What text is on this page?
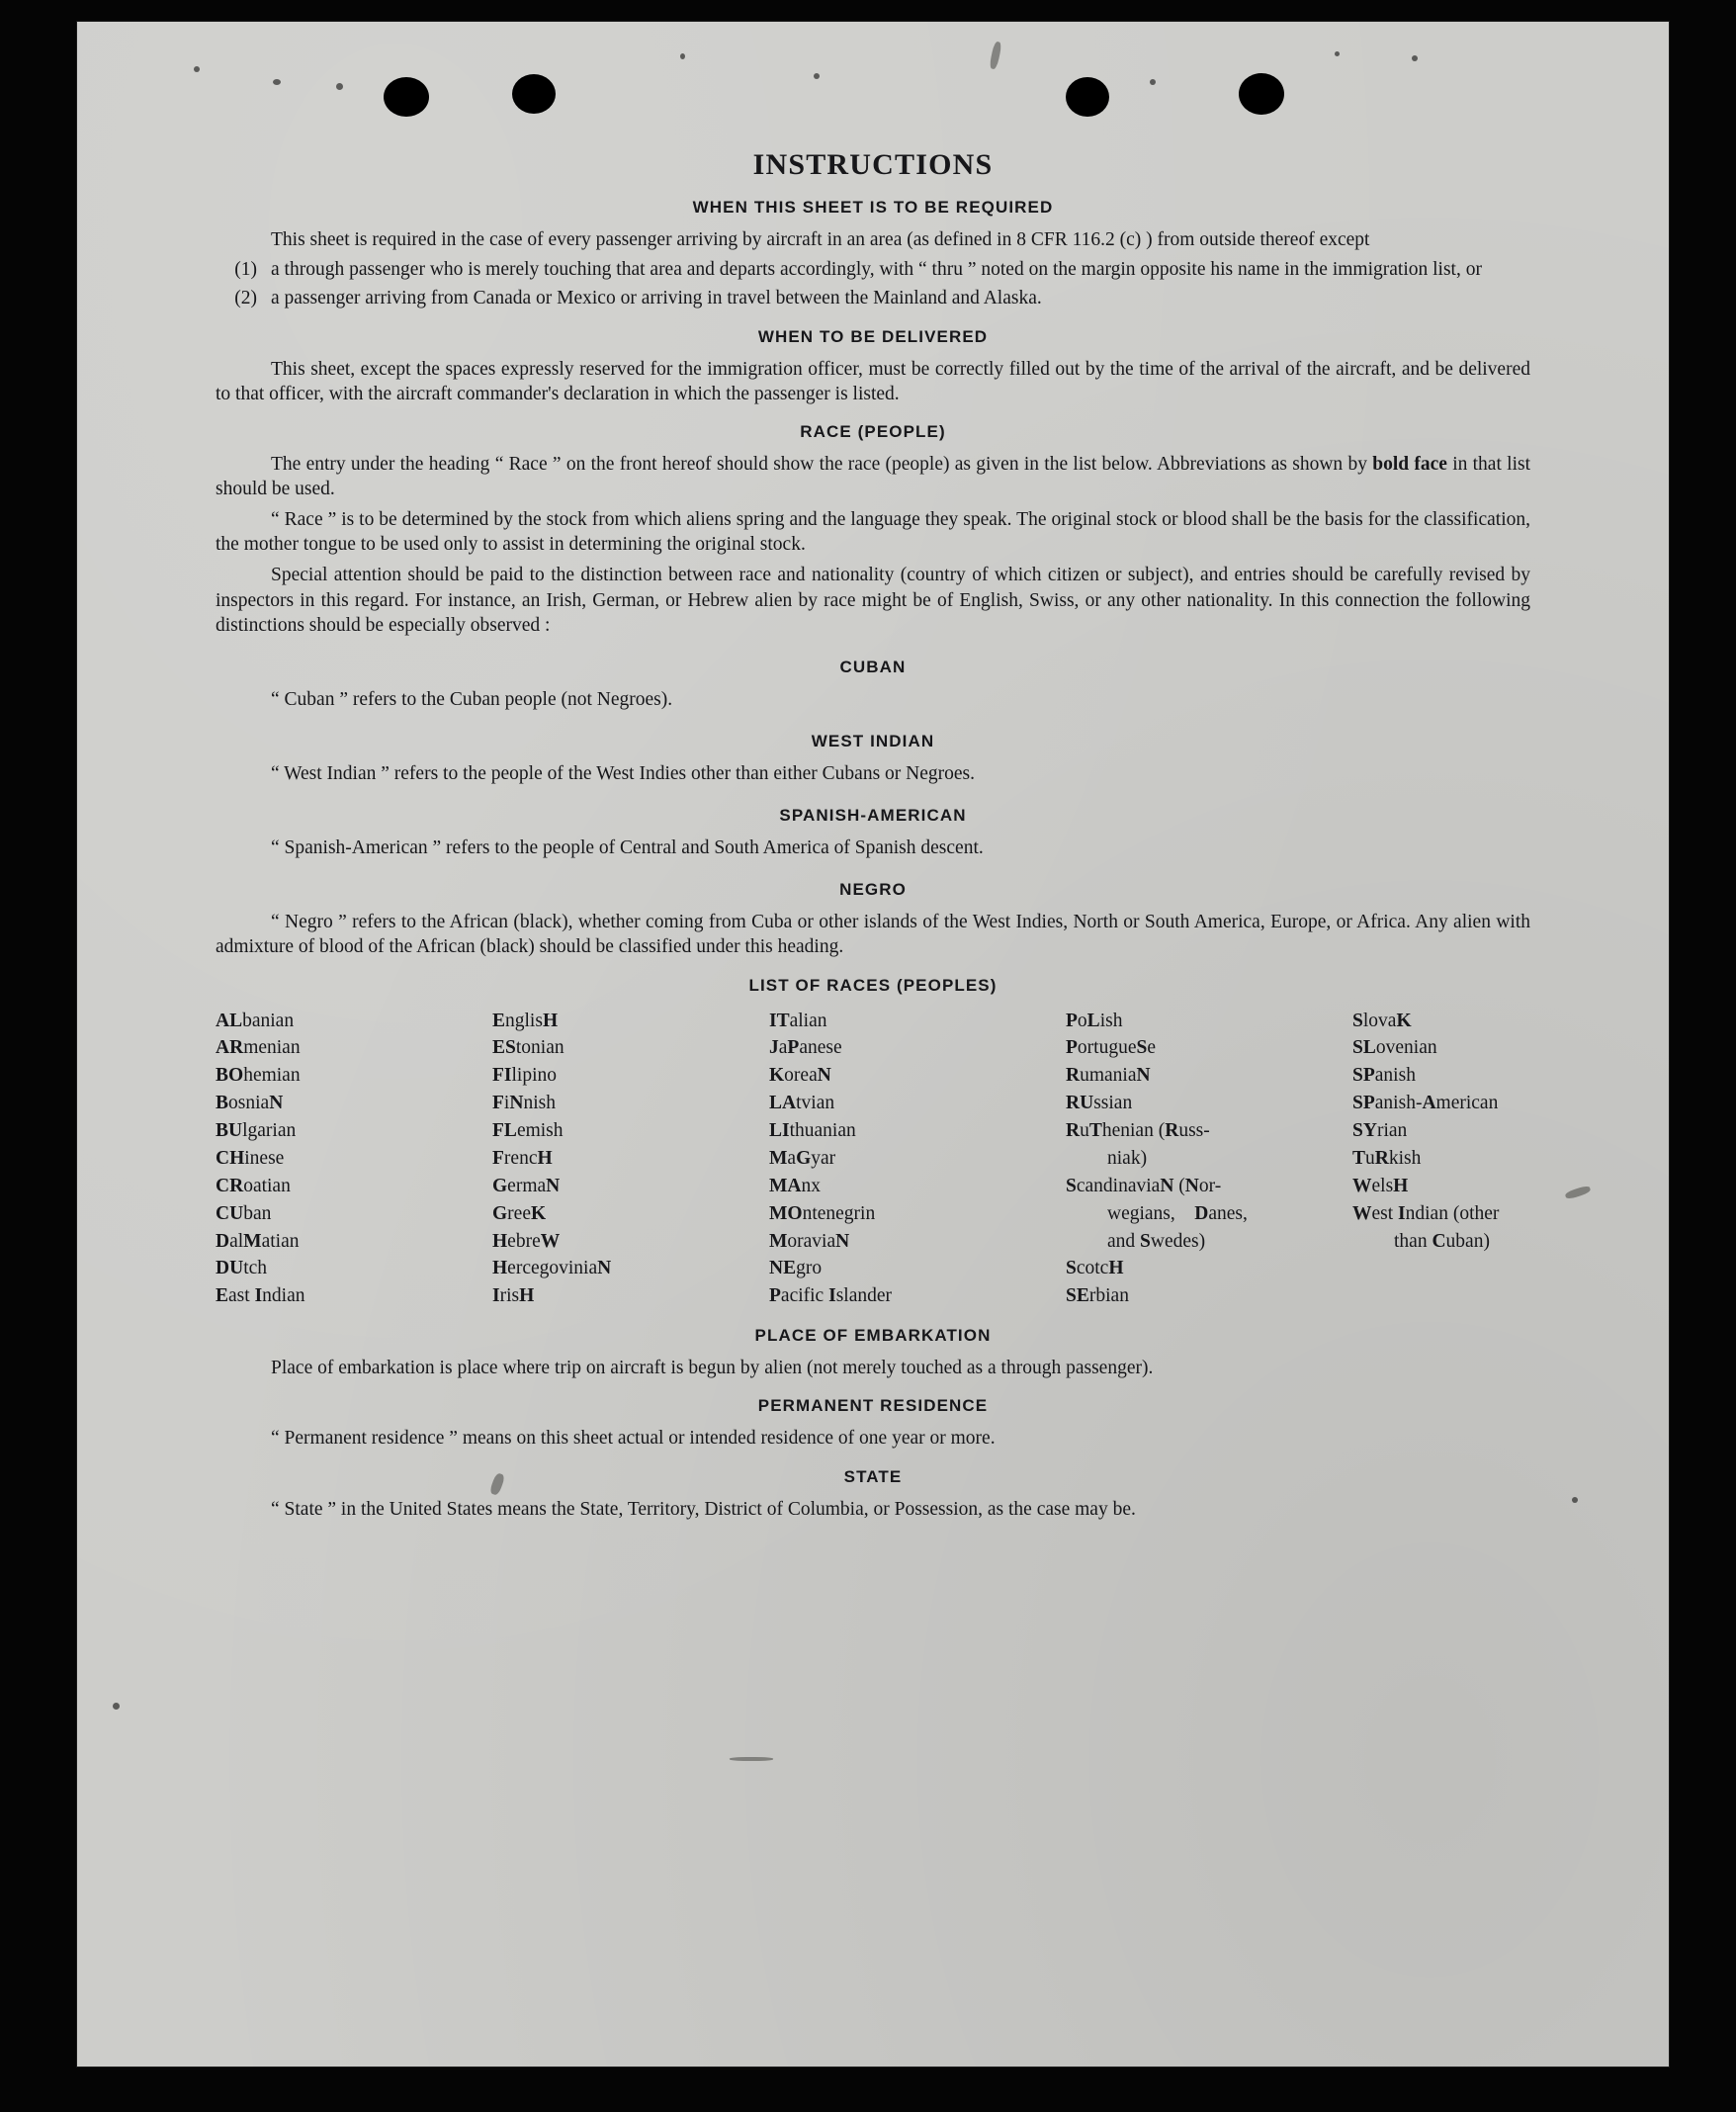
INSTRUCTIONS
WHEN THIS SHEET IS TO BE REQUIRED

This sheet is required in the case of every passenger arriving by aircraft in an area (as defined in 8 CFR 116.2 (c) ) from outside thereof except

(1) a through passenger who is merely touching that area and departs accordingly, with “ thru ” noted on the margin opposite his name in the immigration list, or
(2) a passenger arriving from Canada or Mexico or arriving in travel between the Mainland and Alaska.
WHEN TO BE DELIVERED

This sheet, except the spaces expressly reserved for the immigration officer, must be correctly filled out by the time of the arrival of the aircraft, and be delivered to that officer, with the aircraft commander's declaration in which the passenger is listed.

RACE (PEOPLE)

The entry under the heading “ Race ” on the front hereof should show the race (people) as given in the list below. Abbreviations as shown by bold face in that list should be used.

“ Race ” is to be determined by the stock from which aliens spring and the language they speak. The original stock or blood shall be the basis for the classification, the mother tongue to be used only to assist in determining the original stock.

Special attention should be paid to the distinction between race and nationality (country of which citizen or subject), and entries should be carefully revised by inspectors in this regard. For instance, an Irish, German, or Hebrew alien by race might be of English, Swiss, or any other nationality. In this connection the following distinctions should be especially observed :

CUBAN

“ Cuban ” refers to the Cuban people (not Negroes).

WEST INDIAN

“ West Indian ” refers to the people of the West Indies other than either Cubans or Negroes.

SPANISH-AMERICAN

“ Spanish-American ” refers to the people of Central and South America of Spanish descent.

NEGRO

“ Negro ” refers to the African (black), whether coming from Cuba or other islands of the West Indies, North or South America, Europe, or Africa. Any alien with admixture of blood of the African (black) should be classified under this heading.

LIST OF RACES (PEOPLES)
ALbanian
ARmenian
BOhemian
BosniaN
BUlgarian
CHinese
CRoatian
CUban
DalMatian
DUtch
East Indian
EnglisH
EStonian
FIlipino
FiNnish
FLemish
FrencH
GermaN
GreeK
HebreW
HercegoviniaN
IrisH
ITalian
JaPanese
KoreaN
LAtvian
LIthuanian
MaGyar
MAnx
MOntenegrin
MoraviaN
NEgro
Pacific Islander
PoLish
PortugueSe
RumaniaN
RUssian
RuThenian (Russ-
niak)
ScandinaviaN (Nor-
wegians,    Danes,
and Swedes)
ScotcH
SErbian
SlovaK
SLovenian
SPanish
SPanish-American
SYrian
TuRkish
WelsH
West Indian (other
than Cuban)
PLACE OF EMBARKATION

Place of embarkation is place where trip on aircraft is begun by alien (not merely touched as a through passenger).

PERMANENT RESIDENCE

“ Permanent residence ” means on this sheet actual or intended residence of one year or more.

STATE

“ State ” in the United States means the State, Territory, District of Columbia, or Possession, as the case may be.
